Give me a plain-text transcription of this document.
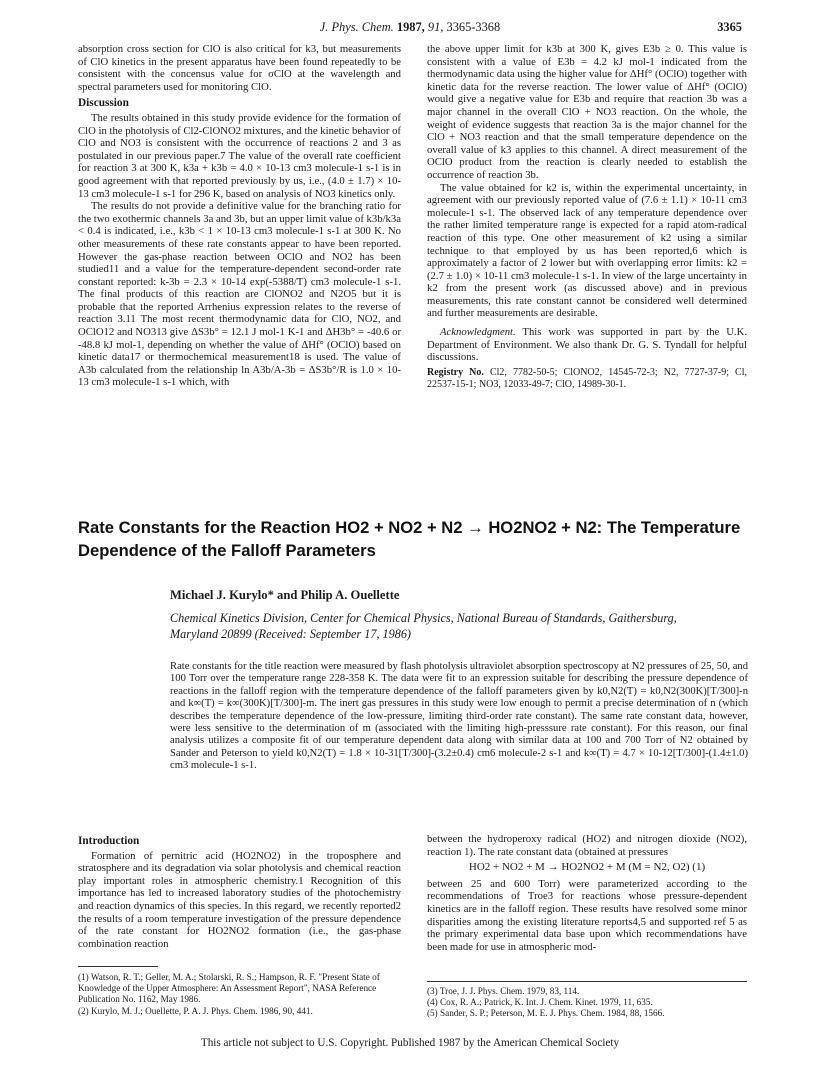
J. Phys. Chem. 1987, 91, 3365-3368	3365

absorption cross section for ClO is also critical for k3, but measurements of ClO kinetics in the present apparatus have been found repeatedly to be consistent with the concensus value for σClO at the wavelength and spectral parameters used for monitoring ClO.

Discussion

The results obtained in this study provide evidence for the formation of ClO in the photolysis of Cl2-ClONO2 mixtures, and the kinetic behavior of ClO and NO3 is consistent with the occurrence of reactions 2 and 3 as postulated in our previous paper.7 The value of the overall rate coefficient for reaction 3 at 300 K, k3a + k3b = 4.0 × 10-13 cm3 molecule-1 s-1 is in good agreement with that reported previously by us, i.e., (4.0 ± 1.7) × 10-13 cm3 molecule-1 s-1 for 296 K, based on analysis of NO3 kinetics only.

The results do not provide a definitive value for the branching ratio for the two exothermic channels 3a and 3b, but an upper limit value of k3b/k3a < 0.4 is indicated, i.e., k3b < 1 × 10-13 cm3 molecule-1 s-1 at 300 K. No other measurements of these rate constants appear to have been reported. However the gas-phase reaction between OClO and NO2 has been studied11 and a value for the temperature-dependent second-order rate constant reported: k-3b = 2.3 × 10-14 exp(-5388/T) cm3 molecule-1 s-1. The final products of this reaction are ClONO2 and N2O5 but it is probable that the reported Arrhenius expression relates to the reverse of reaction 3.11 The most recent thermodynamic data for ClO, NO2, and OClO12 and NO313 give ΔS3b° = 12.1 J mol-1 K-1 and ΔH3b° = -40.6 or -48.8 kJ mol-1, depending on whether the value of ΔHf° (OClO) based on kinetic data17 or thermochemical measurement18 is used. The value of A3b calculated from the relationship ln A3b/A-3b = ΔS3b°/R is 1.0 × 10-13 cm3 molecule-1 s-1 which, with

the above upper limit for k3b at 300 K, gives E3b ≥ 0. This value is consistent with a value of E3b = 4.2 kJ mol-1 indicated from the thermodynamic data using the higher value for ΔHf° (OClO) together with kinetic data for the reverse reaction. The lower value of ΔHf° (OClO) would give a negative value for E3b and require that reaction 3b was a major channel in the overall ClO + NO3 reaction. On the whole, the weight of evidence suggests that reaction 3a is the major channel for the ClO + NO3 reaction and that the small temperature dependence on the overall value of k3 applies to this channel. A direct measurement of the OClO product from the reaction is clearly needed to establish the occurrence of reaction 3b.

The value obtained for k2 is, within the experimental uncertainty, in agreement with our previously reported value of (7.6 ± 1.1) × 10-11 cm3 molecule-1 s-1. The observed lack of any temperature dependence over the rather limited temperature range is expected for a rapid atom-radical reaction of this type. One other measurement of k2 using a similar technique to that employed by us has been reported,6 which is approximately a factor of 2 lower but with overlapping error limits: k2 = (2.7 ± 1.0) × 10-11 cm3 molecule-1 s-1. In view of the large uncertainty in k2 from the present work (as discussed above) and in previous measurements, this rate constant cannot be considered well determined and further measurements are desirable.

Acknowledgment. This work was supported in part by the U.K. Department of Environment. We also thank Dr. G. S. Tyndall for helpful discussions.

Registry No. Cl2, 7782-50-5; ClONO2, 14545-72-3; N2, 7727-37-9; Cl, 22537-15-1; NO3, 12033-49-7; ClO, 14989-30-1.
Rate Constants for the Reaction HO2 + NO2 + N2 → HO2NO2 + N2: The Temperature
Dependence of the Falloff Parameters
Michael J. Kurylo* and Philip A. Ouellette
Chemical Kinetics Division, Center for Chemical Physics, National Bureau of Standards, Gaithersburg,
Maryland 20899 (Received: September 17, 1986)

Rate constants for the title reaction were measured by flash photolysis ultraviolet absorption spectroscopy at N2 pressures of 25, 50, and 100 Torr over the temperature range 228-358 K. The data were fit to an expression suitable for describing the pressure dependence of reactions in the falloff region with the temperature dependence of the falloff parameters given by k0,N2(T) = k0,N2(300K)[T/300]-n and k∞(T) = k∞(300K)[T/300]-m. The inert gas pressures in this study were low enough to permit a precise determination of n (which describes the temperature dependence of the low-pressure, limiting third-order rate constant). The same rate constant data, however, were less sensitive to the determination of m (associated with the limiting high-presssure rate constant). For this reason, our final analysis utilizes a composite fit of our temperature dependent data along with similar data at 100 and 700 Torr of N2 obtained by Sander and Peterson to yield k0,N2(T) = 1.8 × 10-31[T/300]-(3.2±0.4) cm6 molecule-2 s-1 and k∞(T) = 4.7 × 10-12[T/300]-(1.4±1.0) cm3 molecule-1 s-1.

Introduction

Formation of pernitric acid (HO2NO2) in the troposphere and stratosphere and its degradation via solar photolysis and chemical reaction play important roles in atmospheric chemistry.1 Recognition of this importance has led to increased laboratory studies of the photochemistry and reaction dynamics of this species. In this regard, we recently reported2 the results of a room temperature investigation of the pressure dependence of the rate constant for HO2NO2 formation (i.e., the gas-phase combination reaction

between the hydroperoxy radical (HO2) and nitrogen dioxide (NO2), reaction 1). The rate constant data (obtained at pressures

HO2 + NO2 + M → HO2NO2 + M (M = N2, O2) (1)

between 25 and 600 Torr) were parameterized according to the recommendations of Troe3 for reactions whose pressure-dependent kinetics are in the falloff region. These results have resolved some minor disparities among the existing literature reports4,5 and supported ref 5 as the primary experimental data base upon which recommendations have been made for use in atmospheric mod-

(1) Watson, R. T.; Geller, M. A.; Stolarski, R. S.; Hampson, R. F. "Present State of Knowledge of the Upper Atmosphere: An Assessment Report", NASA Reference Publication No. 1162, May 1986.
(2) Kurylo, M. J.; Ouellette, P. A. J. Phys. Chem. 1986, 90, 441.
(3) Troe, J. J. Phys. Chem. 1979, 83, 114.
(4) Cox, R. A.; Patrick, K. Int. J. Chem. Kinet. 1979, 11, 635.
(5) Sander, S. P.; Peterson, M. E. J. Phys. Chem. 1984, 88, 1566.
This article not subject to U.S. Copyright. Published 1987 by the American Chemical Society
